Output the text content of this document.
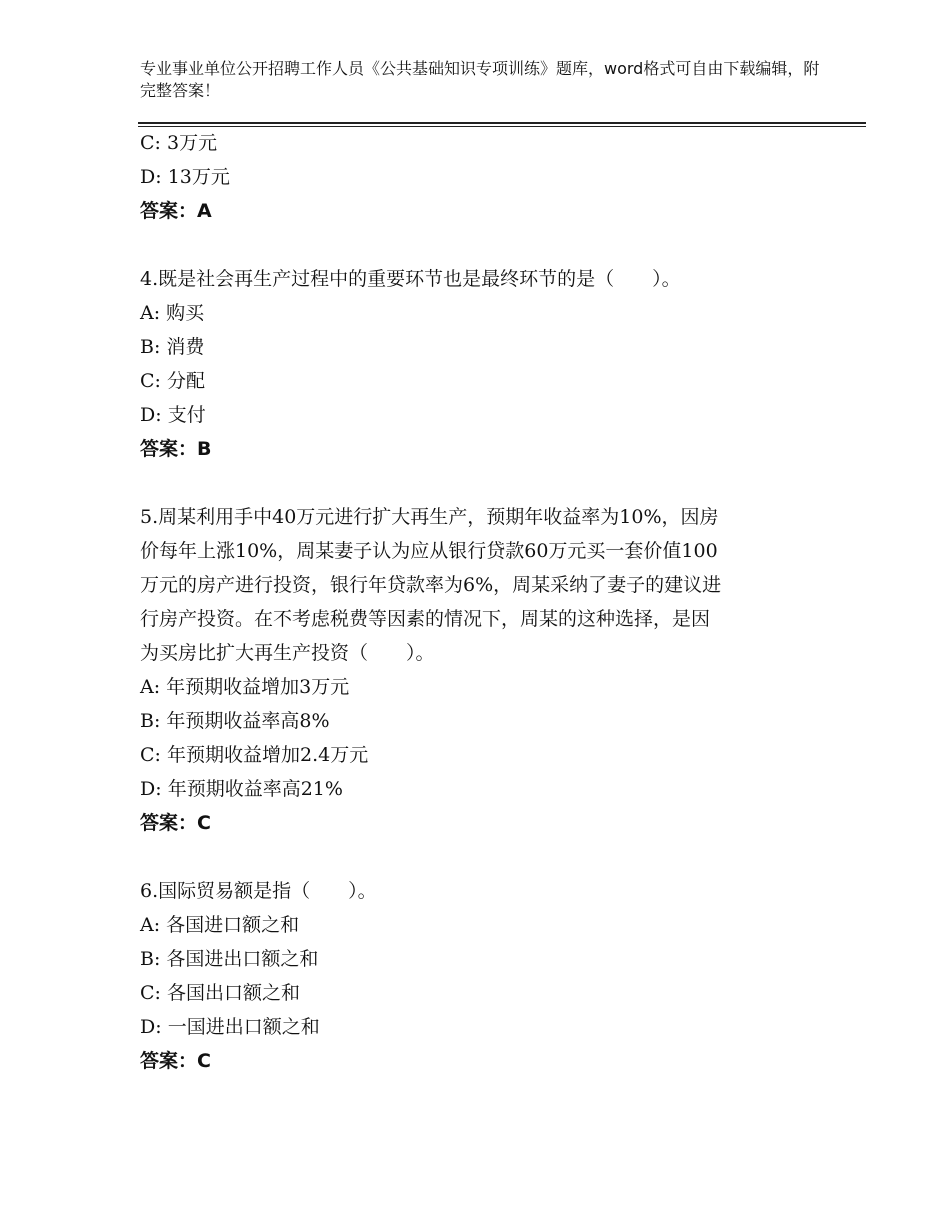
专业事业单位公开招聘工作人员《公共基础知识专项训练》题库，word格式可自由下载编辑，附完整答案！
C: 3万元
D: 13万元
答案：A
4.既是社会再生产过程中的重要环节也是最终环节的是（　　）。
A: 购买
B: 消费
C: 分配
D: 支付
答案：B
5.周某利用手中40万元进行扩大再生产，预期年收益率为10%，因房
价每年上涨10%，周某妻子认为应从银行贷款60万元买一套价值100
万元的房产进行投资，银行年贷款率为6%，周某采纳了妻子的建议进
行房产投资。在不考虑税费等因素的情况下，周某的这种选择，是因
为买房比扩大再生产投资（　　）。
A: 年预期收益增加3万元
B: 年预期收益率高8%
C: 年预期收益增加2.4万元
D: 年预期收益率高21%
答案：C
6.国际贸易额是指（　　）。
A: 各国进口额之和
B: 各国进出口额之和
C: 各国出口额之和
D: 一国进出口额之和
答案：C
